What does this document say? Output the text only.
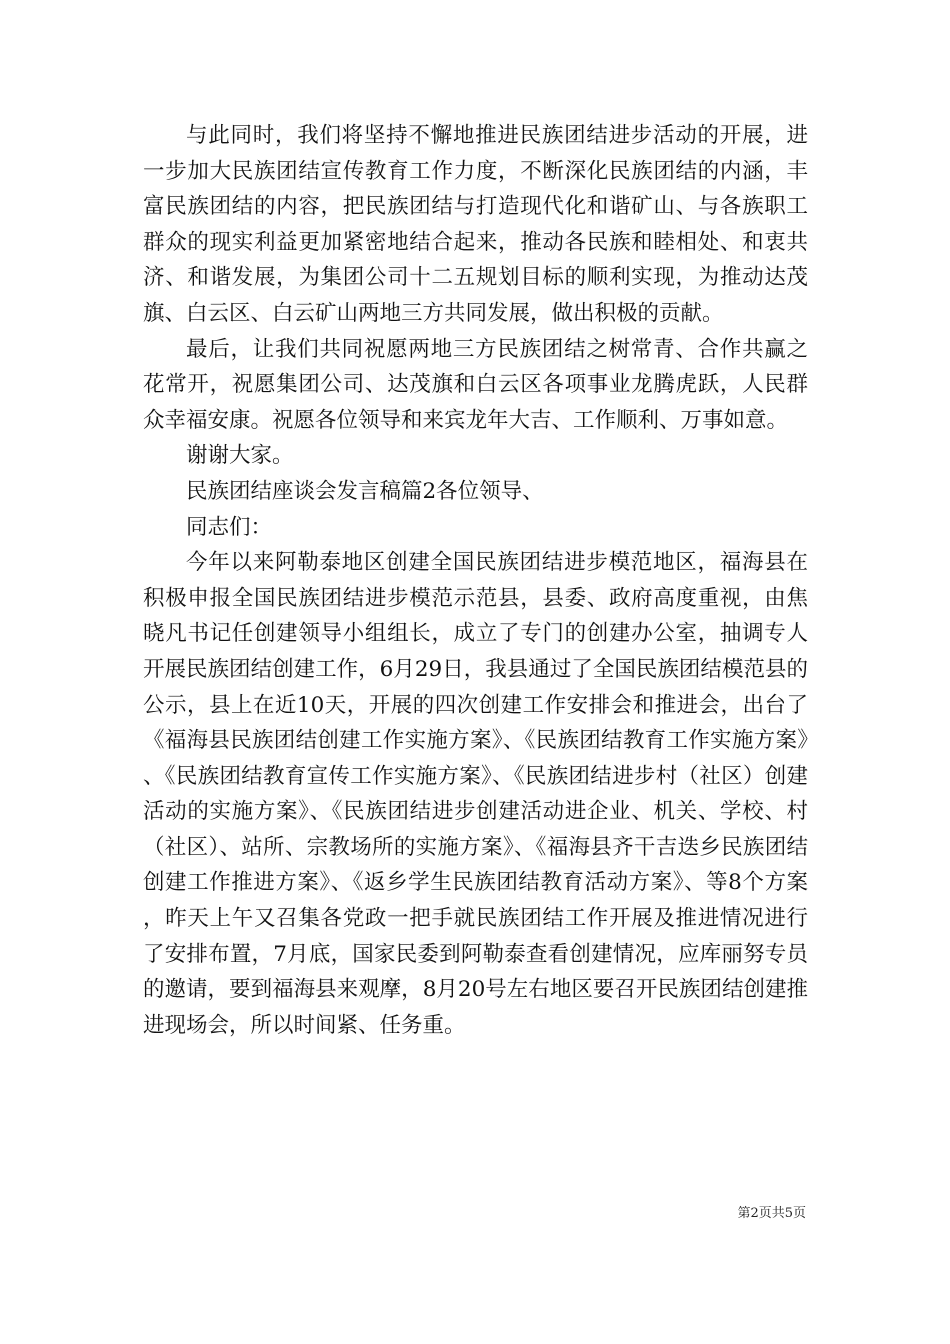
与此同时，我们将坚持不懈地推进民族团结进步活动的开展，进一步加大民族团结宣传教育工作力度，不断深化民族团结的内涵，丰富民族团结的内容，把民族团结与打造现代化和谐矿山、与各族职工群众的现实利益更加紧密地结合起来，推动各民族和睦相处、和衷共济、和谐发展，为集团公司十二五规划目标的顺利实现，为推动达茂旗、白云区、白云矿山两地三方共同发展，做出积极的贡献。

最后，让我们共同祝愿两地三方民族团结之树常青、合作共赢之花常开，祝愿集团公司、达茂旗和白云区各项事业龙腾虎跃，人民群众幸福安康。祝愿各位领导和来宾龙年大吉、工作顺利、万事如意。

谢谢大家。

民族团结座谈会发言稿篇2各位领导、

同志们：

今年以来阿勒泰地区创建全国民族团结进步模范地区，福海县在积极申报全国民族团结进步模范示范县，县委、政府高度重视，由焦晓凡书记任创建领导小组组长，成立了专门的创建办公室，抽调专人开展民族团结创建工作，6月29日，我县通过了全国民族团结模范县的公示，县上在近10天，开展的四次创建工作安排会和推进会，出台了《福海县民族团结创建工作实施方案》、《民族团结教育工作实施方案》、《民族团结教育宣传工作实施方案》、《民族团结进步村（社区）创建活动的实施方案》、《民族团结进步创建活动进企业、机关、学校、村（社区）、站所、宗教场所的实施方案》、《福海县齐干吉迭乡民族团结创建工作推进方案》、《返乡学生民族团结教育活动方案》、等8个方案，昨天上午又召集各党政一把手就民族团结工作开展及推进情况进行了安排布置，7月底，国家民委到阿勒泰查看创建情况，应库丽努专员的邀请，要到福海县来观摩，8月20号左右地区要召开民族团结创建推进现场会，所以时间紧、任务重。

第2页共5页
